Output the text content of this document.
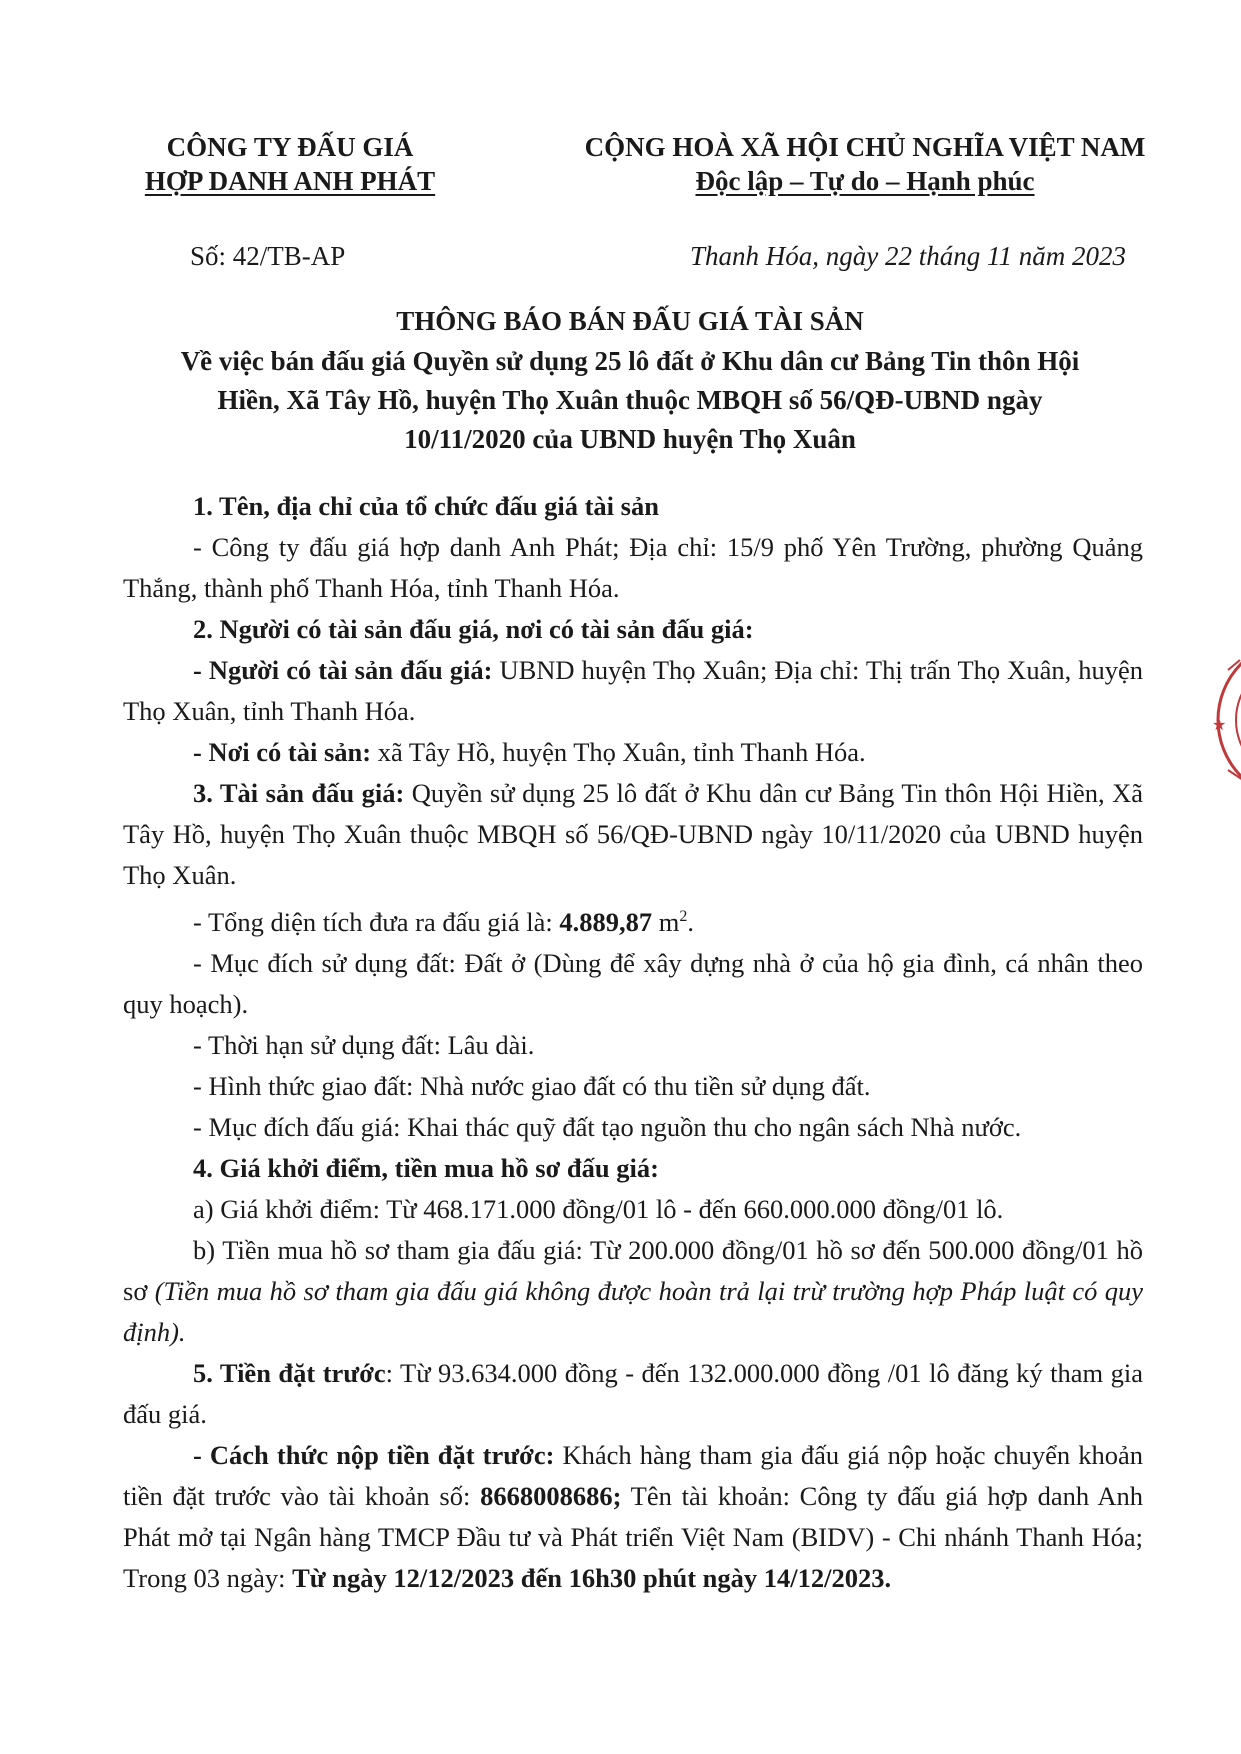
CÔNG TY ĐẤU GIÁ
HỢP DANH ANH PHÁT
CỘNG HOÀ XÃ HỘI CHỦ NGHĨA VIỆT NAM
Độc lập – Tự do – Hạnh phúc
Số: 42/TB-AP	Thanh Hóa, ngày 22 tháng 11 năm 2023
THÔNG BÁO BÁN ĐẤU GIÁ TÀI SẢN
Về việc bán đấu giá Quyền sử dụng 25 lô đất ở Khu dân cư Bảng Tin thôn Hội
Hiền, Xã Tây Hồ, huyện Thọ Xuân thuộc MBQH số 56/QĐ-UBND ngày
10/11/2020 của UBND huyện Thọ Xuân

1. Tên, địa chỉ của tổ chức đấu giá tài sản

- Công ty đấu giá hợp danh Anh Phát; Địa chỉ: 15/9 phố Yên Trường, phường Quảng Thắng, thành phố Thanh Hóa, tỉnh Thanh Hóa.

2. Người có tài sản đấu giá, nơi có tài sản đấu giá:

- Người có tài sản đấu giá: UBND huyện Thọ Xuân; Địa chỉ: Thị trấn Thọ Xuân, huyện Thọ Xuân, tỉnh Thanh Hóa.

- Nơi có tài sản: xã Tây Hồ, huyện Thọ Xuân, tỉnh Thanh Hóa.

3. Tài sản đấu giá: Quyền sử dụng 25 lô đất ở Khu dân cư Bảng Tin thôn Hội Hiền, Xã Tây Hồ, huyện Thọ Xuân thuộc MBQH số 56/QĐ-UBND ngày 10/11/2020 của UBND huyện Thọ Xuân.

- Tổng diện tích đưa ra đấu giá là: 4.889,87 $m^2$.

- Mục đích sử dụng đất: Đất ở (Dùng để xây dựng nhà ở của hộ gia đình, cá nhân theo quy hoạch).

- Thời hạn sử dụng đất: Lâu dài.

- Hình thức giao đất: Nhà nước giao đất có thu tiền sử dụng đất.

- Mục đích đấu giá: Khai thác quỹ đất tạo nguồn thu cho ngân sách Nhà nước.

4. Giá khởi điểm, tiền mua hồ sơ đấu giá:

a) Giá khởi điểm: Từ 468.171.000 đồng/01 lô - đến 660.000.000 đồng/01 lô.

b) Tiền mua hồ sơ tham gia đấu giá: Từ 200.000 đồng/01 hồ sơ đến 500.000 đồng/01 hồ sơ (Tiền mua hồ sơ tham gia đấu giá không được hoàn trả lại trừ trường hợp Pháp luật có quy định).

5. Tiền đặt trước: Từ 93.634.000 đồng - đến 132.000.000 đồng /01 lô đăng ký tham gia đấu giá.

- Cách thức nộp tiền đặt trước: Khách hàng tham gia đấu giá nộp hoặc chuyển khoản tiền đặt trước vào tài khoản số: 8668008686; Tên tài khoản: Công ty đấu giá hợp danh Anh Phát mở tại Ngân hàng TMCP Đầu tư và Phát triển Việt Nam (BIDV) - Chi nhánh Thanh Hóa; Trong 03 ngày: Từ ngày 12/12/2023 đến 16h30 phút ngày 14/12/2023.

★
